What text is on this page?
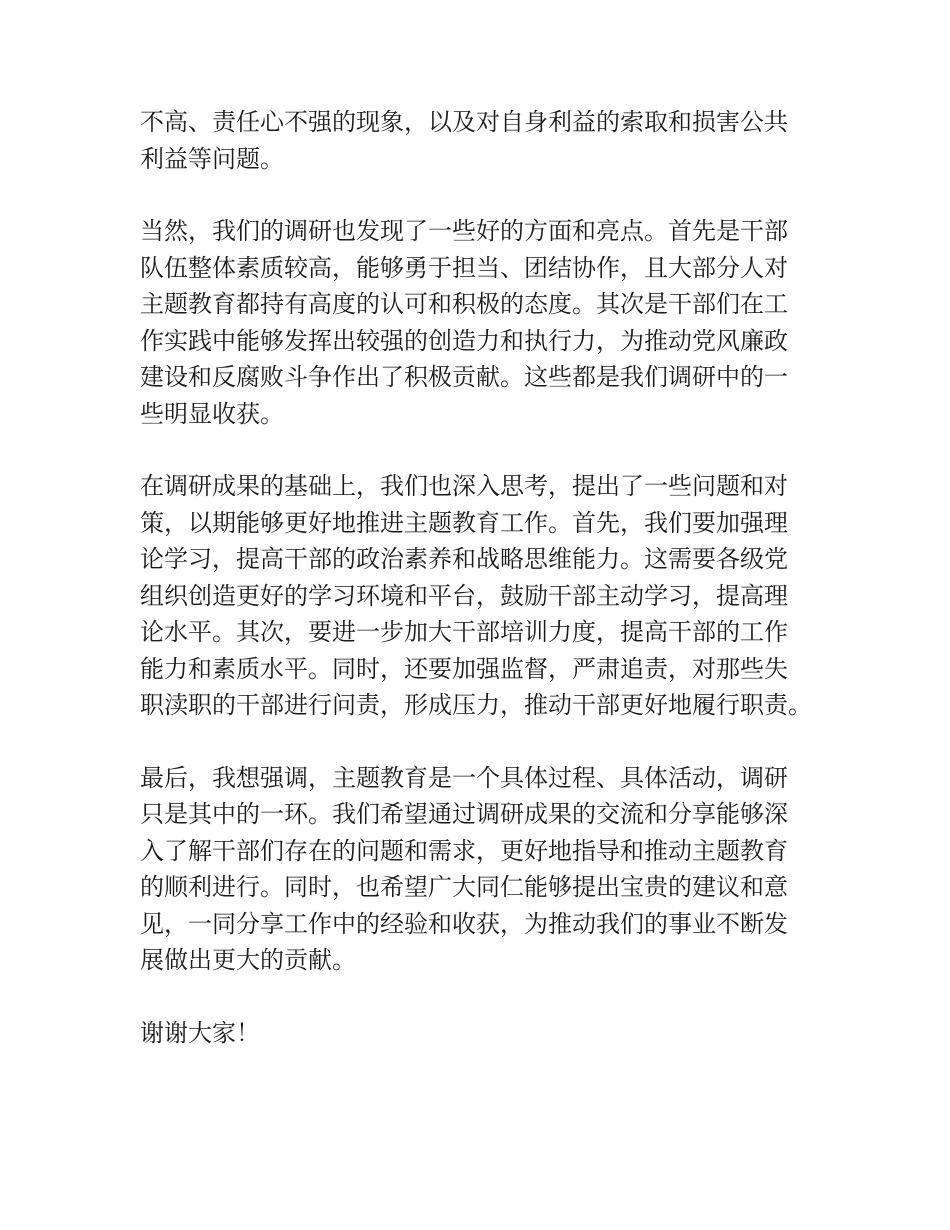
不高、责任心不强的现象，以及对自身利益的索取和损害公共
利益等问题。

当然，我们的调研也发现了一些好的方面和亮点。首先是干部
队伍整体素质较高，能够勇于担当、团结协作，且大部分人对
主题教育都持有高度的认可和积极的态度。其次是干部们在工
作实践中能够发挥出较强的创造力和执行力，为推动党风廉政
建设和反腐败斗争作出了积极贡献。这些都是我们调研中的一
些明显收获。

在调研成果的基础上，我们也深入思考，提出了一些问题和对
策，以期能够更好地推进主题教育工作。首先，我们要加强理
论学习，提高干部的政治素养和战略思维能力。这需要各级党
组织创造更好的学习环境和平台，鼓励干部主动学习，提高理
论水平。其次，要进一步加大干部培训力度，提高干部的工作
能力和素质水平。同时，还要加强监督，严肃追责，对那些失
职渎职的干部进行问责，形成压力，推动干部更好地履行职责。

最后，我想强调，主题教育是一个具体过程、具体活动，调研
只是其中的一环。我们希望通过调研成果的交流和分享能够深
入了解干部们存在的问题和需求，更好地指导和推动主题教育
的顺利进行。同时，也希望广大同仁能够提出宝贵的建议和意
见，一同分享工作中的经验和收获，为推动我们的事业不断发
展做出更大的贡献。

谢谢大家！
